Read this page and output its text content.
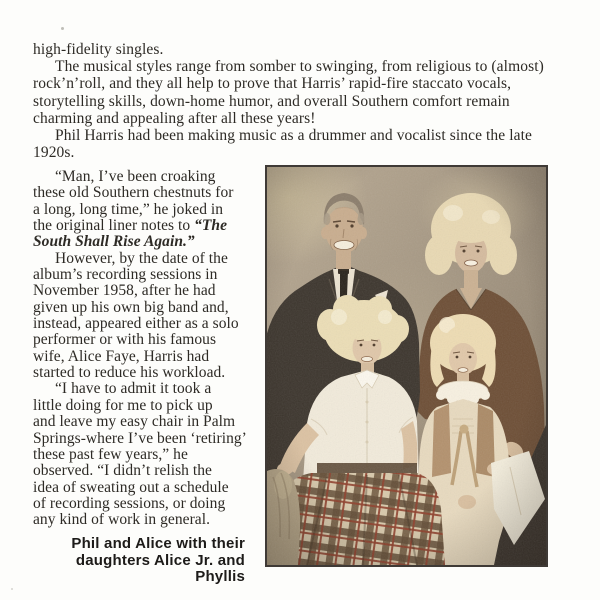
high-fidelity singles.
The musical styles range from somber to swinging, from religious to (almost)
rock’n’roll, and they all help to prove that Harris’ rapid-fire staccato vocals,
storytelling skills, down-home humor, and overall Southern comfort remain
charming and appealing after all these years!
Phil Harris had been making music as a drummer and vocalist since the late
1920s.
“Man, I’ve been croaking
these old Southern chestnuts for
a long, long time,” he joked in
the original liner notes to “The
South Shall Rise Again.”
However, by the date of the
album’s recording sessions in
November 1958, after he had
given up his own big band and,
instead, appeared either as a solo
performer or with his famous
wife, Alice Faye, Harris had
started to reduce his workload.
“I have to admit it took a
little doing for me to pick up
and leave my easy chair in Palm
Springs-where I’ve been ‘retiring’
these past few years,” he
observed. “I didn’t relish the
idea of sweating out a schedule
of recording sessions, or doing
any kind of work in general.
Phil and Alice with their
daughters Alice Jr. and Phyllis
